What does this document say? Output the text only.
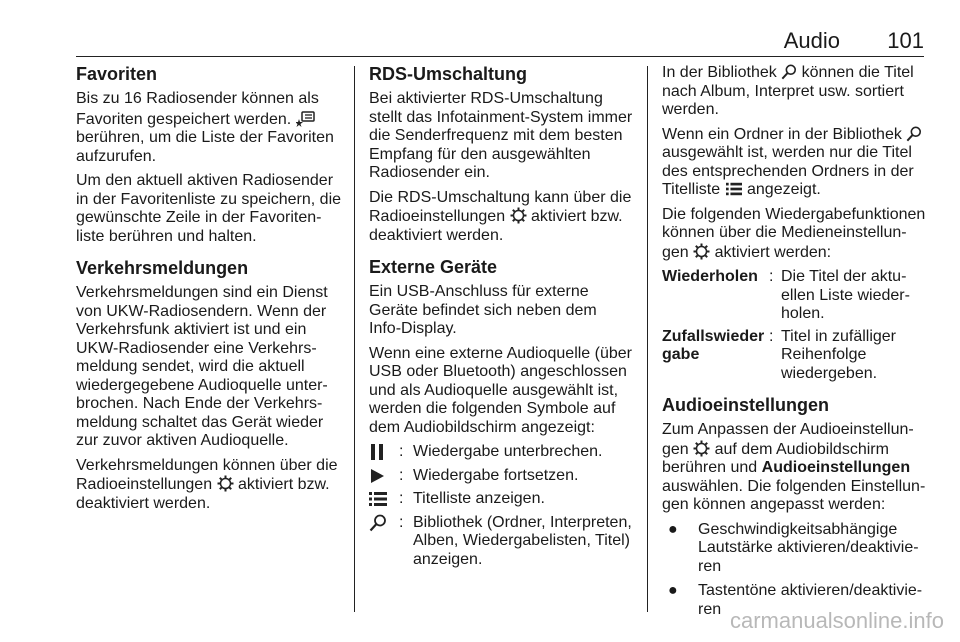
Audio 101
Favoriten

Bis zu 16 Radiosender können als Favoriten gespeichert werden.  berühren, um die Liste der Favoriten aufzurufen.

Um den aktuell aktiven Radiosender in der Favoritenliste zu speichern, die gewünschte Zeile in der Favoritenliste berühren und halten.

Verkehrsmeldungen

Verkehrsmeldungen sind ein Dienst von UKW-Radiosendern. Wenn der Verkehrsfunk aktiviert ist und ein UKW-Radiosender eine Verkehrsmeldung sendet, wird die aktuell wiedergegebene Audioquelle unterbrochen. Nach Ende der Verkehrsmeldung schaltet das Gerät wieder zur zuvor aktiven Audioquelle.

Verkehrsmeldungen können über die Radioeinstellungen aktiviert bzw. deaktiviert werden.

RDS-Umschaltung

Bei aktivierter RDS-Umschaltung stellt das Infotainment-System immer die Senderfrequenz mit dem besten Empfang für den ausgewählten Radiosender ein.

Die RDS-Umschaltung kann über die Radioeinstellungen aktiviert bzw. deaktiviert werden.

Externe Geräte

Ein USB-Anschluss für externe Geräte befindet sich neben dem Info-Display.

Wenn eine externe Audioquelle (über USB oder Bluetooth) angeschlossen und als Audioquelle ausgewählt ist, werden die folgenden Symbole auf dem Audiobildschirm angezeigt:

: Wiedergabe unterbrechen.
: Wiedergabe fortsetzen.
: Titelliste anzeigen.
: Bibliothek (Ordner, Interpreten, Alben, Wiedergabelisten, Titel) anzeigen.

In der Bibliothek können die Titel nach Album, Interpret usw. sortiert werden.

Wenn ein Ordner in der Bibliothek  ausgewählt ist, werden nur die Titel des entsprechenden Ordners in der Titelliste angezeigt.

Die folgenden Wiedergabefunktionen können über die Medieneinstellungen aktiviert werden:

Wiederholen : Die Titel der aktuellen Liste wiederholen.
Zufallswiedergabe
: Titel in zufälliger Reihenfolge wiedergeben.
Audioeinstellungen

Zum Anpassen der Audioeinstellungen auf dem Audiobildschirm berühren und Audioeinstellungen auswählen. Die folgenden Einstellungen können angepasst werden:

●	Geschwindigkeitsabhängige Lautstärke aktivieren/deaktivieren
●	Tastentöne aktivieren/deaktivieren carmanualsonline.info
